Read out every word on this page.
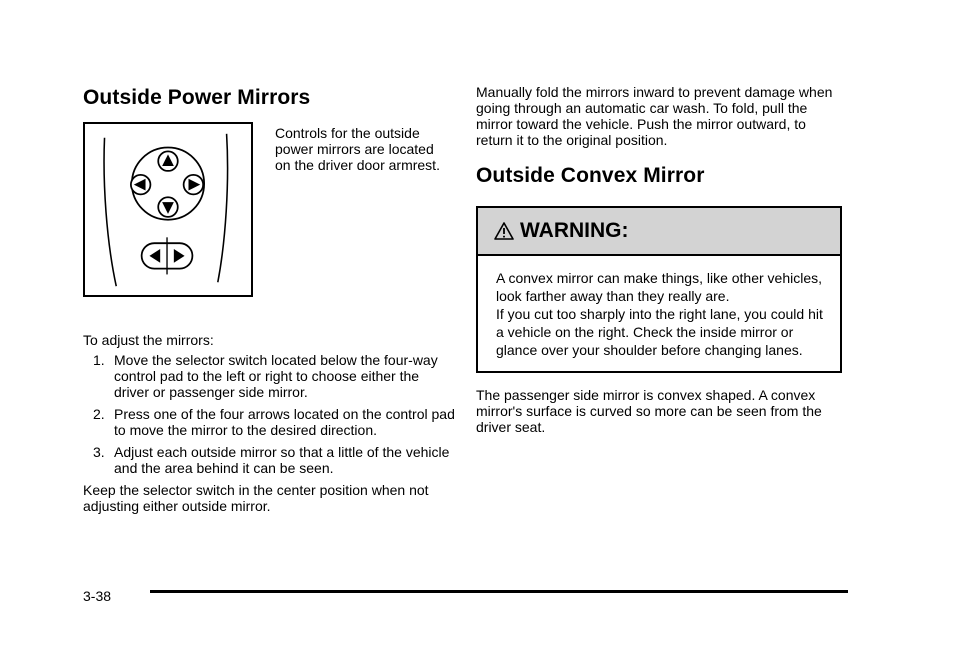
Outside Power Mirrors
Controls for the outside power mirrors are located on the driver door armrest.

To adjust the mirrors:

1. Move the selector switch located below the four-way control pad to the left or right to choose either the driver or passenger side mirror.
2. Press one of the four arrows located on the control pad to move the mirror to the desired direction.
3. Adjust each outside mirror so that a little of the vehicle and the area behind it can be seen.

Keep the selector switch in the center position when not adjusting either outside mirror.

Manually fold the mirrors inward to prevent damage when going through an automatic car wash. To fold, pull the mirror toward the vehicle. Push the mirror outward, to return it to the original position.

Outside Convex Mirror
WARNING:

A convex mirror can make things, like other vehicles, look farther away than they really are.

If you cut too sharply into the right lane, you could hit a vehicle on the right. Check the inside mirror or glance over your shoulder before changing lanes.

The passenger side mirror is convex shaped. A convex mirror's surface is curved so more can be seen from the driver seat.

3-38
